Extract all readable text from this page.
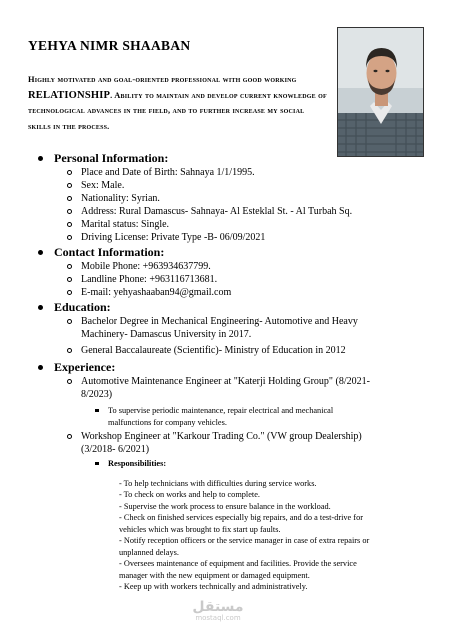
YEHYA NIMR SHAABAN
Highly motivated and goal-oriented professional with good working RELATIONSHIP. Ability to maintain and develop current knowledge of technological advances in the field, and to further increase my social skills in the process.
Personal Information:
Place and Date of Birth: Sahnaya 1/1/1995.
Sex: Male.
Nationality: Syrian.
Address: Rural Damascus- Sahnaya- Al Esteklal St. - Al Turbah Sq.
Marital status: Single.
Driving License: Private Type -B- 06/09/2021
Contact Information:
Mobile Phone: +963934637799.
Landline Phone: +963116713681.
E-mail: yehyashaaban94@gmail.com
Education:
Bachelor Degree in Mechanical Engineering- Automotive and Heavy Machinery- Damascus University in 2017.
General Baccalaureate (Scientific)- Ministry of Education in 2012
Experience:
Automotive Maintenance Engineer at "Katerji Holding Group" (8/2021-8/2023)
To supervise periodic maintenance, repair electrical and mechanical malfunctions for company vehicles.
Workshop Engineer at "Karkour Trading Co." (VW group Dealership) (3/2018- 6/2021)
Responsibilities:
- To help technicians with difficulties during service works.
- To check on works and help to complete.
- Supervise the work process to ensure balance in the workload.
- Check on finished services especially big repairs, and do a test-drive for vehicles which was brought to fix start up faults.
- Notify reception officers or the service manager in case of extra repairs or unplanned delays.
- Oversees maintenance of equipment and facilities. Provide the service manager with the new equipment or damaged equipment.
- Keep up with workers technically and administratively.
مستقل
mostaql.com
